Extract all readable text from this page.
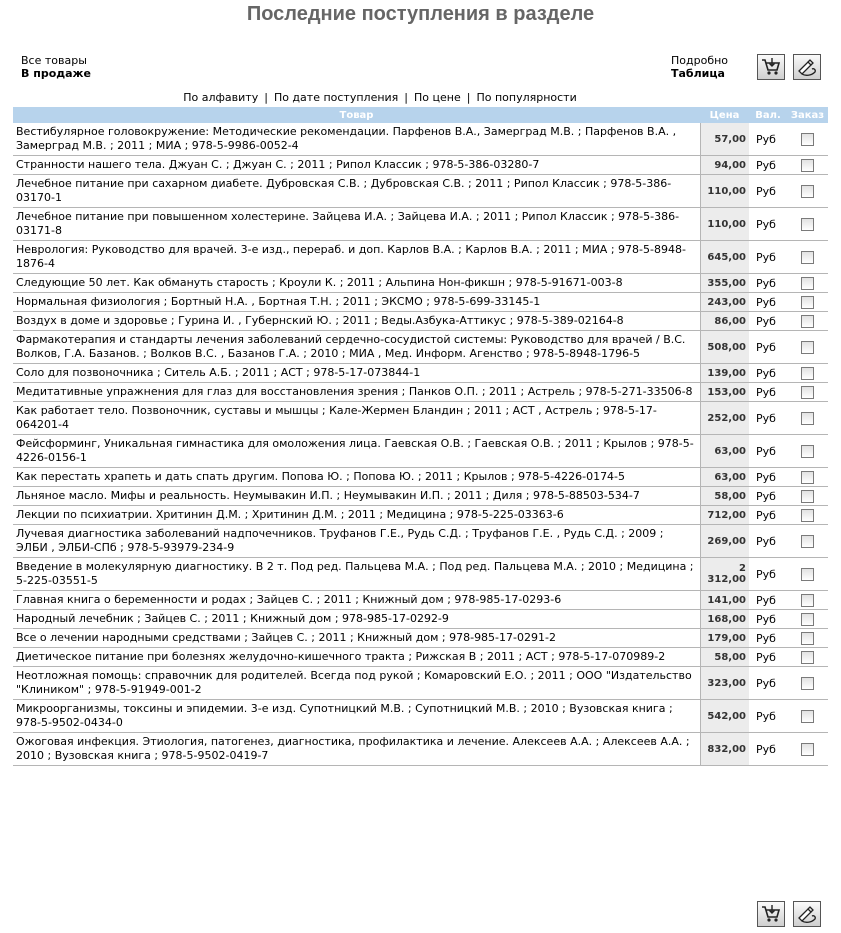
Последние поступления в разделе
Все товары
В продаже
Подробно
Таблица
По алфавиту | По дате поступления | По цене | По популярности
Товар	Цена	Вал.	Заказ
Вестибулярное головокружение: Методические рекомендации. Парфенов В.А., Замерград М.В. ; Парфенов В.А. , Замерград М.В. ; 2011 ; МИА ; 978-5-9986-0052-4	57,00	Руб	
Странности нашего тела. Джуан С. ; Джуан С. ; 2011 ; Рипол Классик ; 978-5-386-03280-7	94,00	Руб	
Лечебное питание при сахарном диабете. Дубровская С.В. ; Дубровская С.В. ; 2011 ; Рипол Классик ; 978-5-386-03170-1	110,00	Руб	
Лечебное питание при повышенном холестерине. Зайцева И.А. ; Зайцева И.А. ; 2011 ; Рипол Классик ; 978-5-386-03171-8	110,00	Руб	
Неврология: Руководство для врачей. 3-е изд., перераб. и доп. Карлов В.А. ; Карлов В.А. ; 2011 ; МИА ; 978-5-8948-1876-4	645,00	Руб	
Следующие 50 лет. Как обмануть старость ; Кроули К. ; 2011 ; Альпина Нон-фикшн ; 978-5-91671-003-8	355,00	Руб	
Нормальная физиология ; Бортный Н.А. , Бортная Т.Н. ; 2011 ; ЭКСМО ; 978-5-699-33145-1	243,00	Руб	
Воздух в доме и здоровье ; Гурина И. , Губернский Ю. ; 2011 ; Веды.Азбука-Аттикус ; 978-5-389-02164-8	86,00	Руб	
Фармакотерапия и стандарты лечения заболеваний сердечно-сосудистой системы: Руководство для врачей / В.С. Волков, Г.А. Базанов. ; Волков В.С. , Базанов Г.А. ; 2010 ; МИА , Мед. Информ. Агенство ; 978-5-8948-1796-5	508,00	Руб	
Соло для позвоночника ; Ситель А.Б. ; 2011 ; АСТ ; 978-5-17-073844-1	139,00	Руб	
Медитативные упражнения для глаз для восстановления зрения ; Панков О.П. ; 2011 ; Астрель ; 978-5-271-33506-8	153,00	Руб	
Как работает тело. Позвоночник, суставы и мышцы ; Кале-Жермен Бландин ; 2011 ; АСТ , Астрель ; 978-5-17-064201-4	252,00	Руб	
Фейсформинг, Уникальная гимнастика для омоложения лица. Гаевская О.В. ; Гаевская О.В. ; 2011 ; Крылов ; 978-5-4226-0156-1	63,00	Руб	
Как перестать храпеть и дать спать другим. Попова Ю. ; Попова Ю. ; 2011 ; Крылов ; 978-5-4226-0174-5	63,00	Руб	
Льняное масло. Мифы и реальность. Неумывакин И.П. ; Неумывакин И.П. ; 2011 ; Диля ; 978-5-88503-534-7	58,00	Руб	
Лекции по психиатрии. Хритинин Д.М. ; Хритинин Д.М. ; 2011 ; Медицина ; 978-5-225-03363-6	712,00	Руб	
Лучевая диагностика заболеваний надпочечников. Труфанов Г.Е., Рудь С.Д. ; Труфанов Г.Е. , Рудь С.Д. ; 2009 ; ЭЛБИ , ЭЛБИ-СПб ; 978-5-93979-234-9	269,00	Руб	
Введение в молекулярную диагностику. В 2 т. Под ред. Пальцева М.А. ; Под ред. Пальцева М.А. ; 2010 ; Медицина ; 5-225-03551-5	2 312,00	Руб	
Главная книга о беременности и родах ; Зайцев С. ; 2011 ; Книжный дом ; 978-985-17-0293-6	141,00	Руб	
Народный лечебник ; Зайцев С. ; 2011 ; Книжный дом ; 978-985-17-0292-9	168,00	Руб	
Все о лечении народными средствами ; Зайцев С. ; 2011 ; Книжный дом ; 978-985-17-0291-2	179,00	Руб	
Диетическое питание при болезнях желудочно-кишечного тракта ; Рижская В ; 2011 ; АСТ ; 978-5-17-070989-2	58,00	Руб	
Неотложная помощь: справочник для родителей. Всегда под рукой ; Комаровский Е.О. ; 2011 ; ООО "Издательство "Клиником" ; 978-5-91949-001-2	323,00	Руб	
Микроорганизмы, токсины и эпидемии. 3-е изд. Супотницкий М.В. ; Супотницкий М.В. ; 2010 ; Вузовская книга ; 978-5-9502-0434-0	542,00	Руб	
Ожоговая инфекция. Этиология, патогенез, диагностика, профилактика и лечение. Алексеев А.А. ; Алексеев А.А. ; 2010 ; Вузовская книга ; 978-5-9502-0419-7	832,00	Руб	
